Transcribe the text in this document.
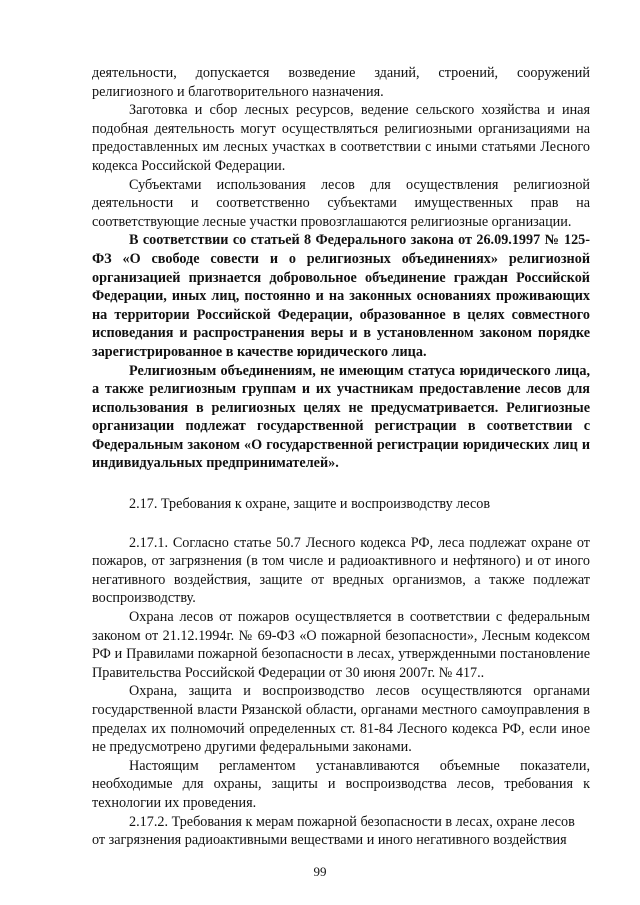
деятельности, допускается возведение зданий, строений, сооружений религиозного и благотворительного назначения.

Заготовка и сбор лесных ресурсов, ведение сельского хозяйства и иная подобная деятельность могут осуществляться религиозными организациями на предоставленных им лесных участках в соответствии с иными статьями Лесного кодекса Российской Федерации.

Субъектами использования лесов для осуществления религиозной деятельности и соответственно субъектами имущественных прав на соответствующие лесные участки провозглашаются религиозные организации.

В соответствии со статьей 8 Федерального закона от 26.09.1997 № 125-ФЗ «О свободе совести и о религиозных объединениях» религиозной организацией признается добровольное объединение граждан Российской Федерации, иных лиц, постоянно и на законных основаниях проживающих на территории Российской Федерации, образованное в целях совместного исповедания и распространения веры и в установленном законом порядке зарегистрированное в качестве юридического лица.

Религиозным объединениям, не имеющим статуса юридического лица, а также религиозным группам и их участникам предоставление лесов для использования в религиозных целях не предусматривается. Религиозные организации подлежат государственной регистрации в соответствии с Федеральным законом «О государственной регистрации юридических лиц и индивидуальных предпринимателей».

2.17. Требования к охране, защите и воспроизводству лесов

2.17.1. Согласно статье 50.7 Лесного кодекса РФ, леса подлежат охране от пожаров, от загрязнения (в том числе и радиоактивного и нефтяного) и от иного негативного воздействия, защите от вредных организмов, а также подлежат воспроизводству.

Охрана лесов от пожаров осуществляется в соответствии с федеральным законом от 21.12.1994г. № 69-ФЗ «О пожарной безопасности», Лесным кодексом РФ и Правилами пожарной безопасности в лесах, утвержденными постановление Правительства Российской Федерации от 30 июня 2007г. № 417..

Охрана, защита и воспроизводство лесов осуществляются органами государственной власти Рязанской области, органами местного самоуправления в пределах их полномочий определенных ст. 81-84 Лесного кодекса РФ, если иное не предусмотрено другими федеральными законами.

Настоящим регламентом устанавливаются объемные показатели, необходимые для охраны, защиты и воспроизводства лесов, требования к технологии их проведения.

2.17.2. Требования к мерам пожарной безопасности в лесах, охране лесов от загрязнения радиоактивными веществами и иного негативного воздействия

99
